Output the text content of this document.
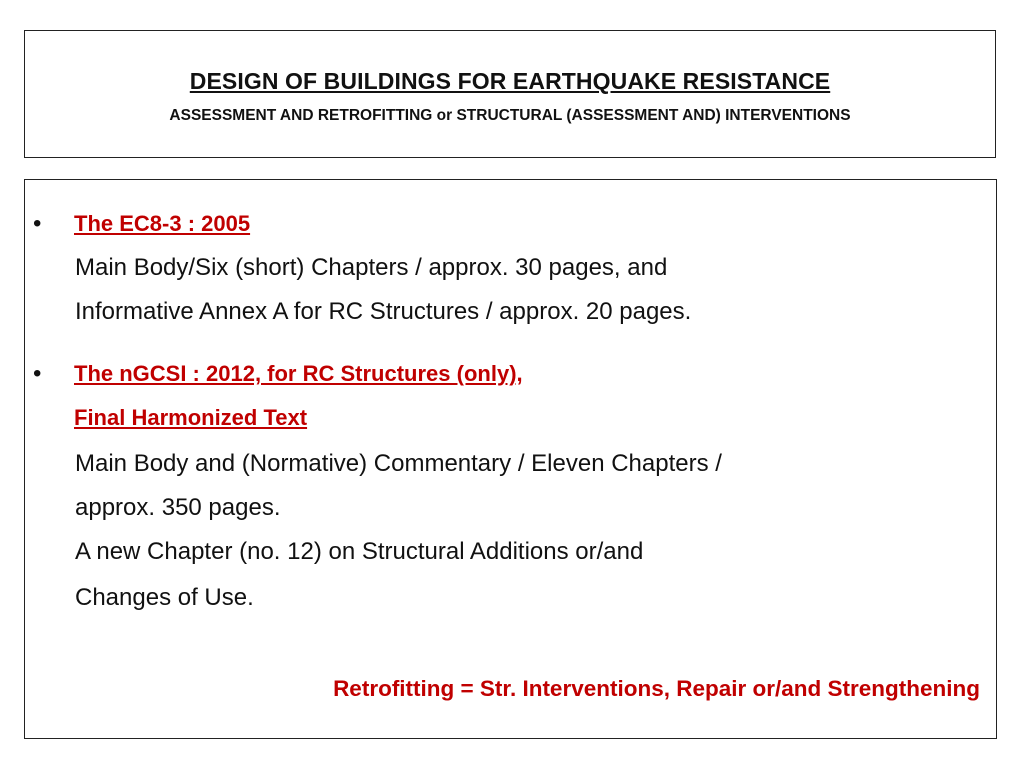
DESIGN OF BUILDINGS FOR EARTHQUAKE RESISTANCE
ASSESSMENT AND RETROFITTING or STRUCTURAL (ASSESSMENT AND) INTERVENTIONS
• The EC8-3 : 2005
Main Body/Six (short) Chapters / approx. 30 pages, and
Informative Annex A for RC Structures / approx. 20 pages.
• The nGCSI : 2012, for RC Structures (only),
Final Harmonized Text
Main Body and (Normative) Commentary / Eleven Chapters /
approx. 350 pages.
A new Chapter (no. 12) on Structural Additions or/and
Changes of Use.
Retrofitting = Str. Interventions, Repair or/and Strengthening
